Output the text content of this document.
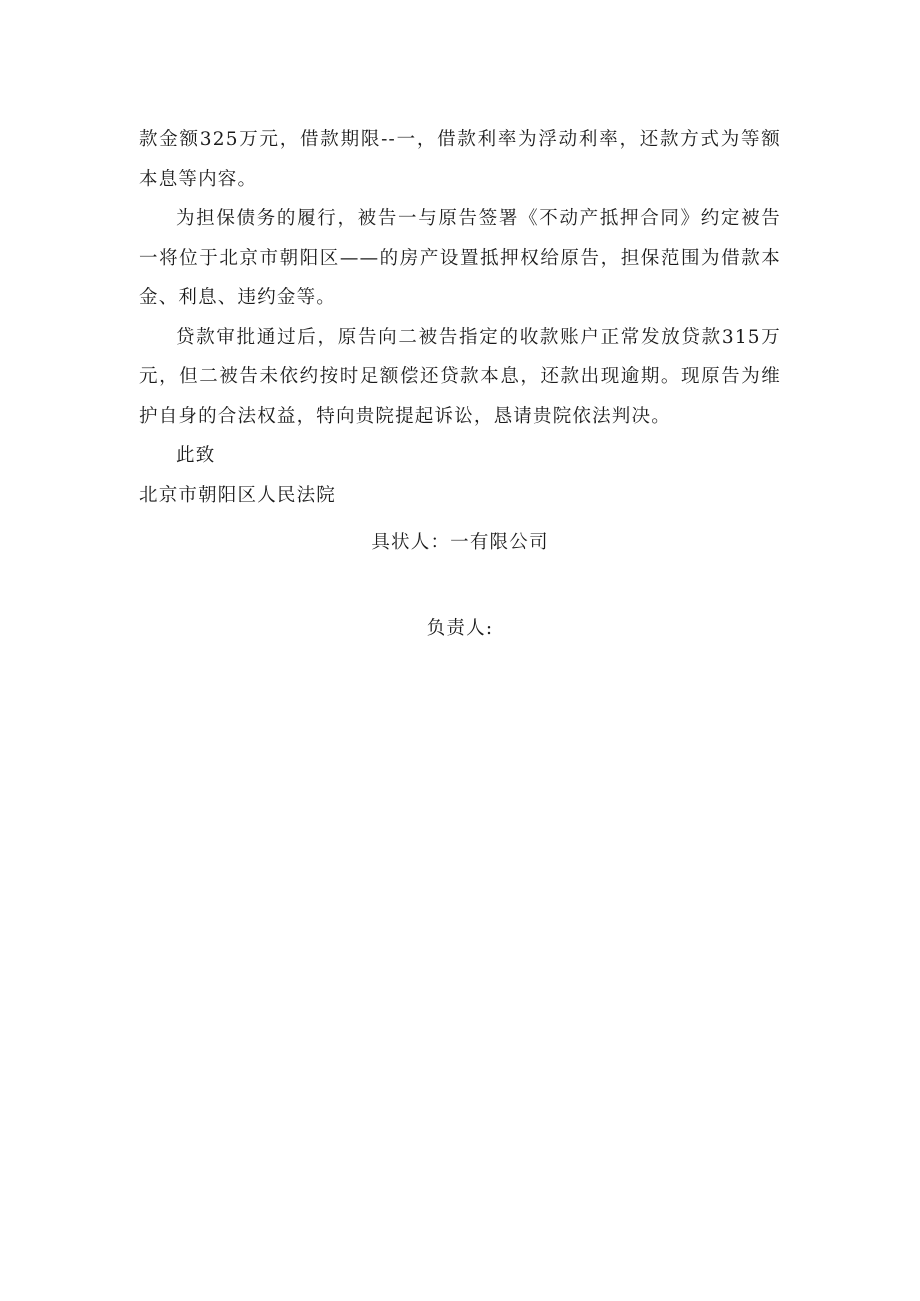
款金额325万元，借款期限--一，借款利率为浮动利率，还款方式为等额本息等内容。

为担保债务的履行，被告一与原告签署《不动产抵押合同》约定被告一将位于北京市朝阳区——的房产设置抵押权给原告，担保范围为借款本金、利息、违约金等。

贷款审批通过后，原告向二被告指定的收款账户正常发放贷款315万元，但二被告未依约按时足额偿还贷款本息，还款出现逾期。现原告为维护自身的合法权益，特向贵院提起诉讼，恳请贵院依法判决。

此致

北京市朝阳区人民法院

具状人：一有限公司
负责人:
